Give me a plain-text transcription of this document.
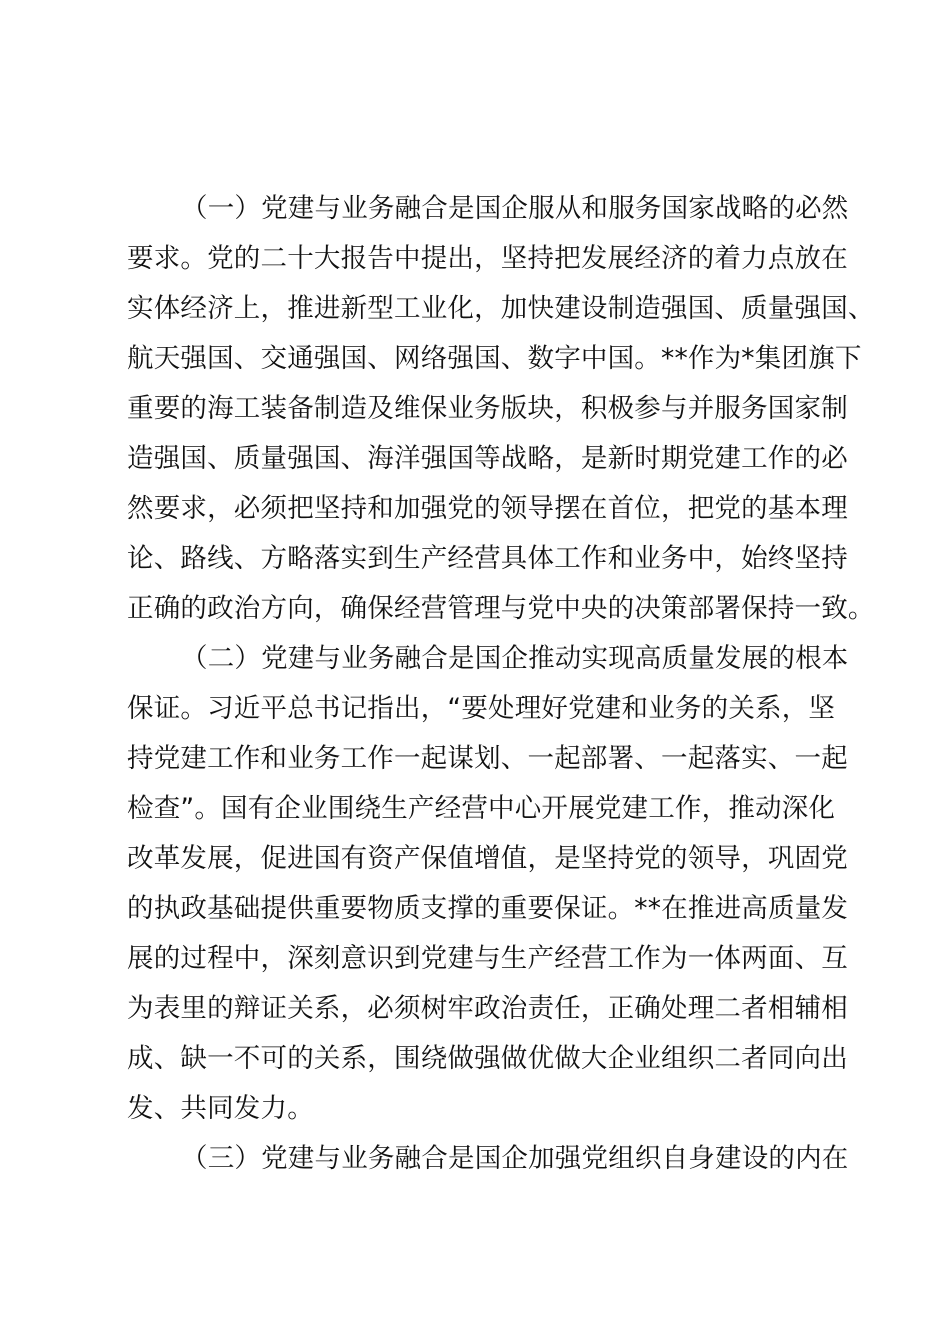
（一）党建与业务融合是国企服从和服务国家战略的必然
要求。党的二十大报告中提出，坚持把发展经济的着力点放在
实体经济上，推进新型工业化，加快建设制造强国、质量强国、
航天强国、交通强国、网络强国、数字中国。**作为*集团旗下
重要的海工装备制造及维保业务版块，积极参与并服务国家制
造强国、质量强国、海洋强国等战略，是新时期党建工作的必
然要求，必须把坚持和加强党的领导摆在首位，把党的基本理
论、路线、方略落实到生产经营具体工作和业务中，始终坚持
正确的政治方向，确保经营管理与党中央的决策部署保持一致。
（二）党建与业务融合是国企推动实现高质量发展的根本
保证。习近平总书记指出，“要处理好党建和业务的关系，坚
持党建工作和业务工作一起谋划、一起部署、一起落实、一起
检查”。国有企业围绕生产经营中心开展党建工作，推动深化
改革发展，促进国有资产保值增值，是坚持党的领导，巩固党
的执政基础提供重要物质支撑的重要保证。**在推进高质量发
展的过程中，深刻意识到党建与生产经营工作为一体两面、互
为表里的辩证关系，必须树牢政治责任，正确处理二者相辅相
成、缺一不可的关系，围绕做强做优做大企业组织二者同向出
发、共同发力。
（三）党建与业务融合是国企加强党组织自身建设的内在
